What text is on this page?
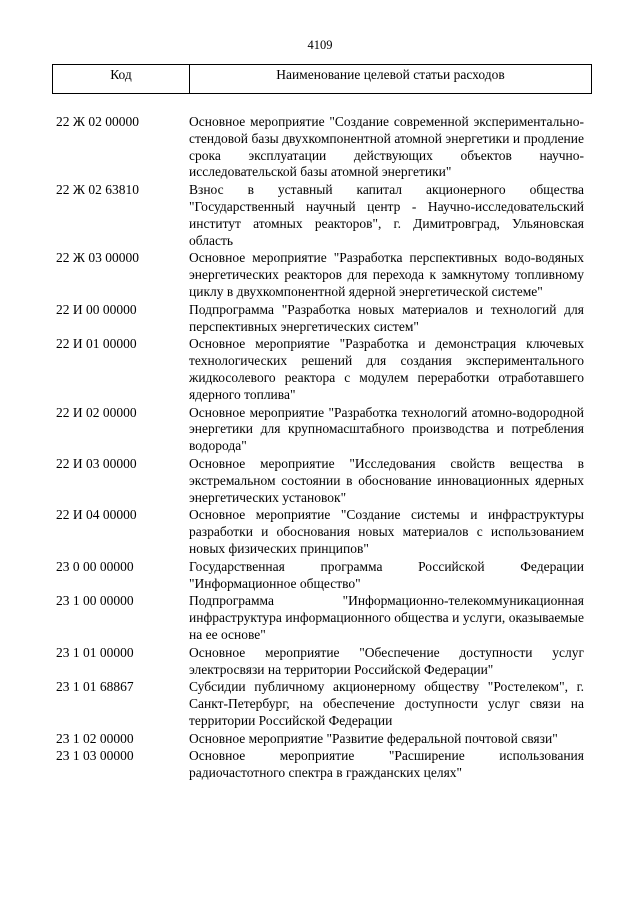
4109
Код	Наименование целевой статьи расходов
22 Ж 02 00000	Основное мероприятие "Создание современной экспериментально-стендовой базы двухкомпонентной атомной энергетики и продление срока эксплуатации действующих объектов научно-исследовательской базы атомной энергетики"
22 Ж 02 63810	Взнос в уставный капитал акционерного общества "Государственный научный центр - Научно-исследовательский институт атомных реакторов", г. Димитровград, Ульяновская область
22 Ж 03 00000	Основное мероприятие "Разработка перспективных водо-водяных энергетических реакторов для перехода к замкнутому топливному циклу в двухкомпонентной ядерной энергетической системе"
22 И 00 00000	Подпрограмма "Разработка новых материалов и технологий для перспективных энергетических систем"
22 И 01 00000	Основное мероприятие "Разработка и демонстрация ключевых технологических решений для создания экспериментального жидкосолевого реактора с модулем переработки отработавшего ядерного топлива"
22 И 02 00000	Основное мероприятие "Разработка технологий атомно-водородной энергетики для крупномасштабного производства и потребления водорода"
22 И 03 00000	Основное мероприятие "Исследования свойств вещества в экстремальном состоянии в обоснование инновационных ядерных энергетических установок"
22 И 04 00000	Основное мероприятие "Создание системы и инфраструктуры разработки и обоснования новых материалов с использованием новых физических принципов"
23 0 00 00000	Государственная программа Российской Федерации "Информационное общество"
23 1 00 00000	Подпрограмма "Информационно-телекоммуникационная инфраструктура информационного общества и услуги, оказываемые на ее основе"
23 1 01 00000	Основное мероприятие "Обеспечение доступности услуг электросвязи на территории Российской Федерации"
23 1 01 68867	Субсидии публичному акционерному обществу "Ростелеком", г. Санкт-Петербург, на обеспечение доступности услуг связи на территории Российской Федерации
23 1 02 00000	Основное мероприятие "Развитие федеральной почтовой связи"
23 1 03 00000	Основное мероприятие "Расширение использования радиочастотного спектра в гражданских целях"
